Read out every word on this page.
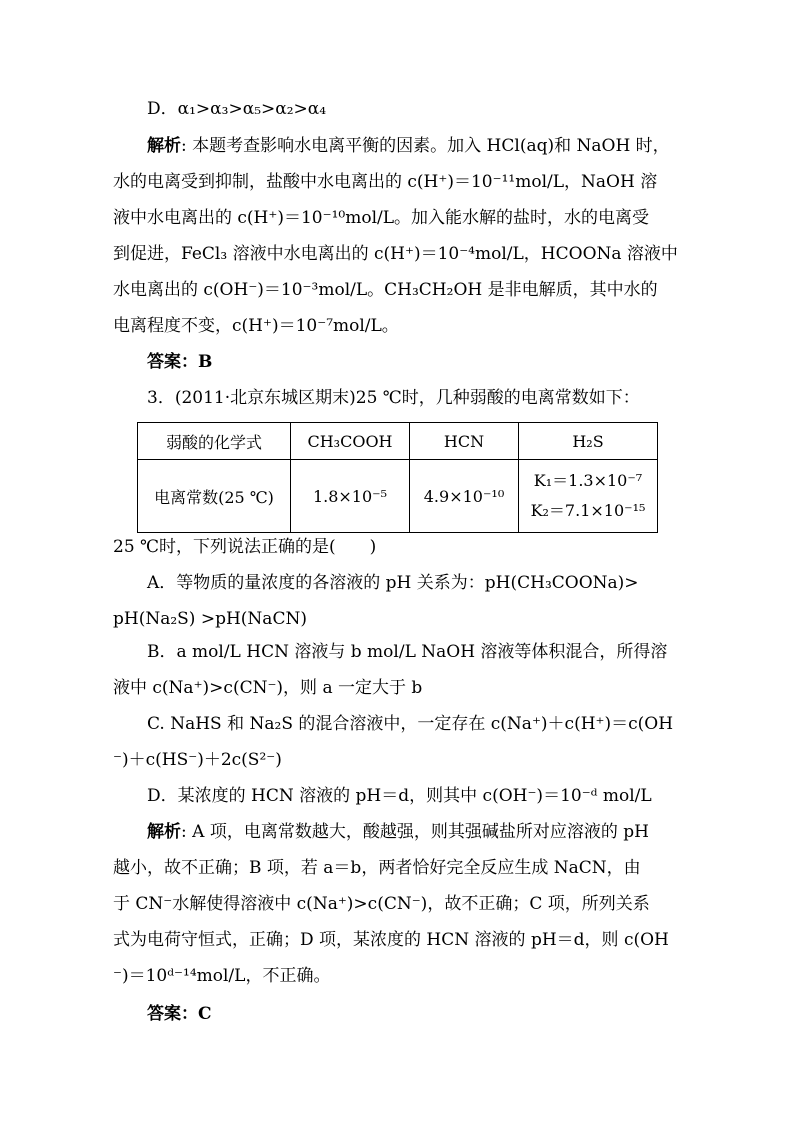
D．α₁>α₃>α₅>α₂>α₄
解析: 本题考查影响水电离平衡的因素。加入 HCl(aq)和 NaOH 时，
水的电离受到抑制，盐酸中水电离出的 c(H⁺)＝10⁻¹¹mol/L，NaOH 溶
液中水电离出的 c(H⁺)＝10⁻¹⁰mol/L。加入能水解的盐时，水的电离受
到促进，FeCl₃ 溶液中水电离出的 c(H⁺)＝10⁻⁴mol/L，HCOONa 溶液中
水电离出的 c(OH⁻)＝10⁻³mol/L。CH₃CH₂OH 是非电解质，其中水的
电离程度不变，c(H⁺)＝10⁻⁷mol/L。
答案：B
3．(2011·北京东城区期末)25 ℃时，几种弱酸的电离常数如下：
弱酸的化学式	CH₃COOH	HCN	H₂S
电离常数(25 ℃)	1.8×10⁻⁵	4.9×10⁻¹⁰	K₁＝1.3×10⁻⁷
K₂＝7.1×10⁻¹⁵
25 ℃时，下列说法正确的是(　　)
A．等物质的量浓度的各溶液的 pH 关系为：pH(CH₃COONa)>
pH(Na₂S) >pH(NaCN)
B．a mol/L HCN 溶液与 b mol/L NaOH 溶液等体积混合，所得溶
液中 c(Na⁺)>c(CN⁻)，则 a 一定大于 b
C. NaHS 和 Na₂S 的混合溶液中，一定存在 c(Na⁺)＋c(H⁺)＝c(OH
⁻)＋c(HS⁻)＋2c(S²⁻)
D．某浓度的 HCN 溶液的 pH＝d，则其中 c(OH⁻)＝10⁻ᵈ mol/L
解析: A 项，电离常数越大，酸越强，则其强碱盐所对应溶液的 pH
越小，故不正确；B 项，若 a＝b，两者恰好完全反应生成 NaCN，由
于 CN⁻水解使得溶液中 c(Na⁺)>c(CN⁻)，故不正确；C 项，所列关系
式为电荷守恒式，正确；D 项，某浓度的 HCN 溶液的 pH＝d，则 c(OH
⁻)＝10ᵈ⁻¹⁴mol/L，不正确。
答案：C
